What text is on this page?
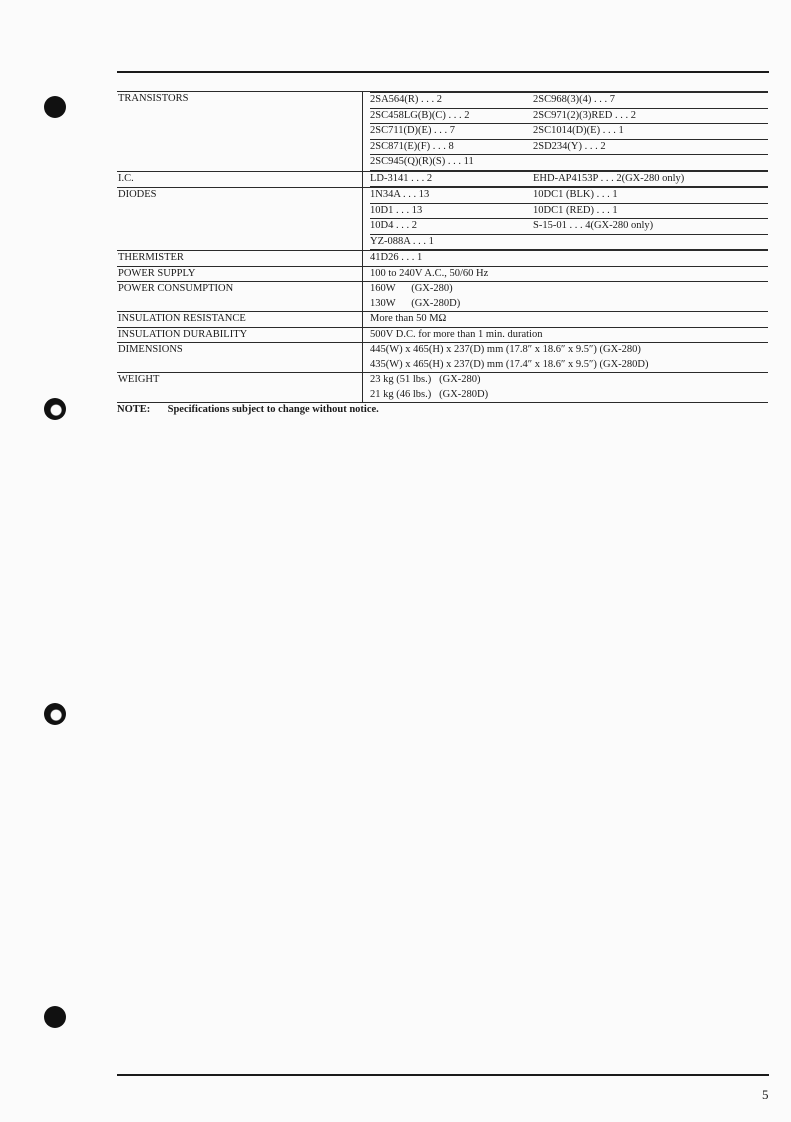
TRANSISTORS		2SA564(R) . . . 2	2SC968(3)(4) . . . 7
2SC458LG(B)(C) . . . 2	2SC971(2)(3)RED . . . 2
2SC711(D)(E) . . . 7	2SC1014(D)(E) . . . 1
2SC871(E)(F) . . . 8	2SD234(Y) . . . 2
2SC945(Q)(R)(S) . . . 11	

I.C.		LD-3141 . . . 2	EHD-AP4153P . . . 2(GX-280 only)

DIODES		1N34A . . . 13	10DC1 (BLK) . . . 1
10D1 . . . 13	10DC1 (RED) . . . 1
10D4 . . . 2	S-15-01 . . . 4(GX-280 only)
YZ-088A . . . 1	

THERMISTER	41D26 . . . 1

POWER SUPPLY	100 to 240V A.C., 50/60 Hz

POWER CONSUMPTION	160W      (GX-280)
130W      (GX-280D)

INSULATION RESISTANCE	More than 50 MΩ

INSULATION DURABILITY	500V D.C. for more than 1 min. duration

DIMENSIONS	445(W) x 465(H) x 237(D) mm (17.8″ x 18.6″ x 9.5″) (GX-280)
435(W) x 465(H) x 237(D) mm (17.4″ x 18.6″ x 9.5″) (GX-280D)

WEIGHT	23 kg (51 lbs.)   (GX-280)
21 kg (46 lbs.)   (GX-280D)
NOTE: Specifications subject to change without notice.
5
